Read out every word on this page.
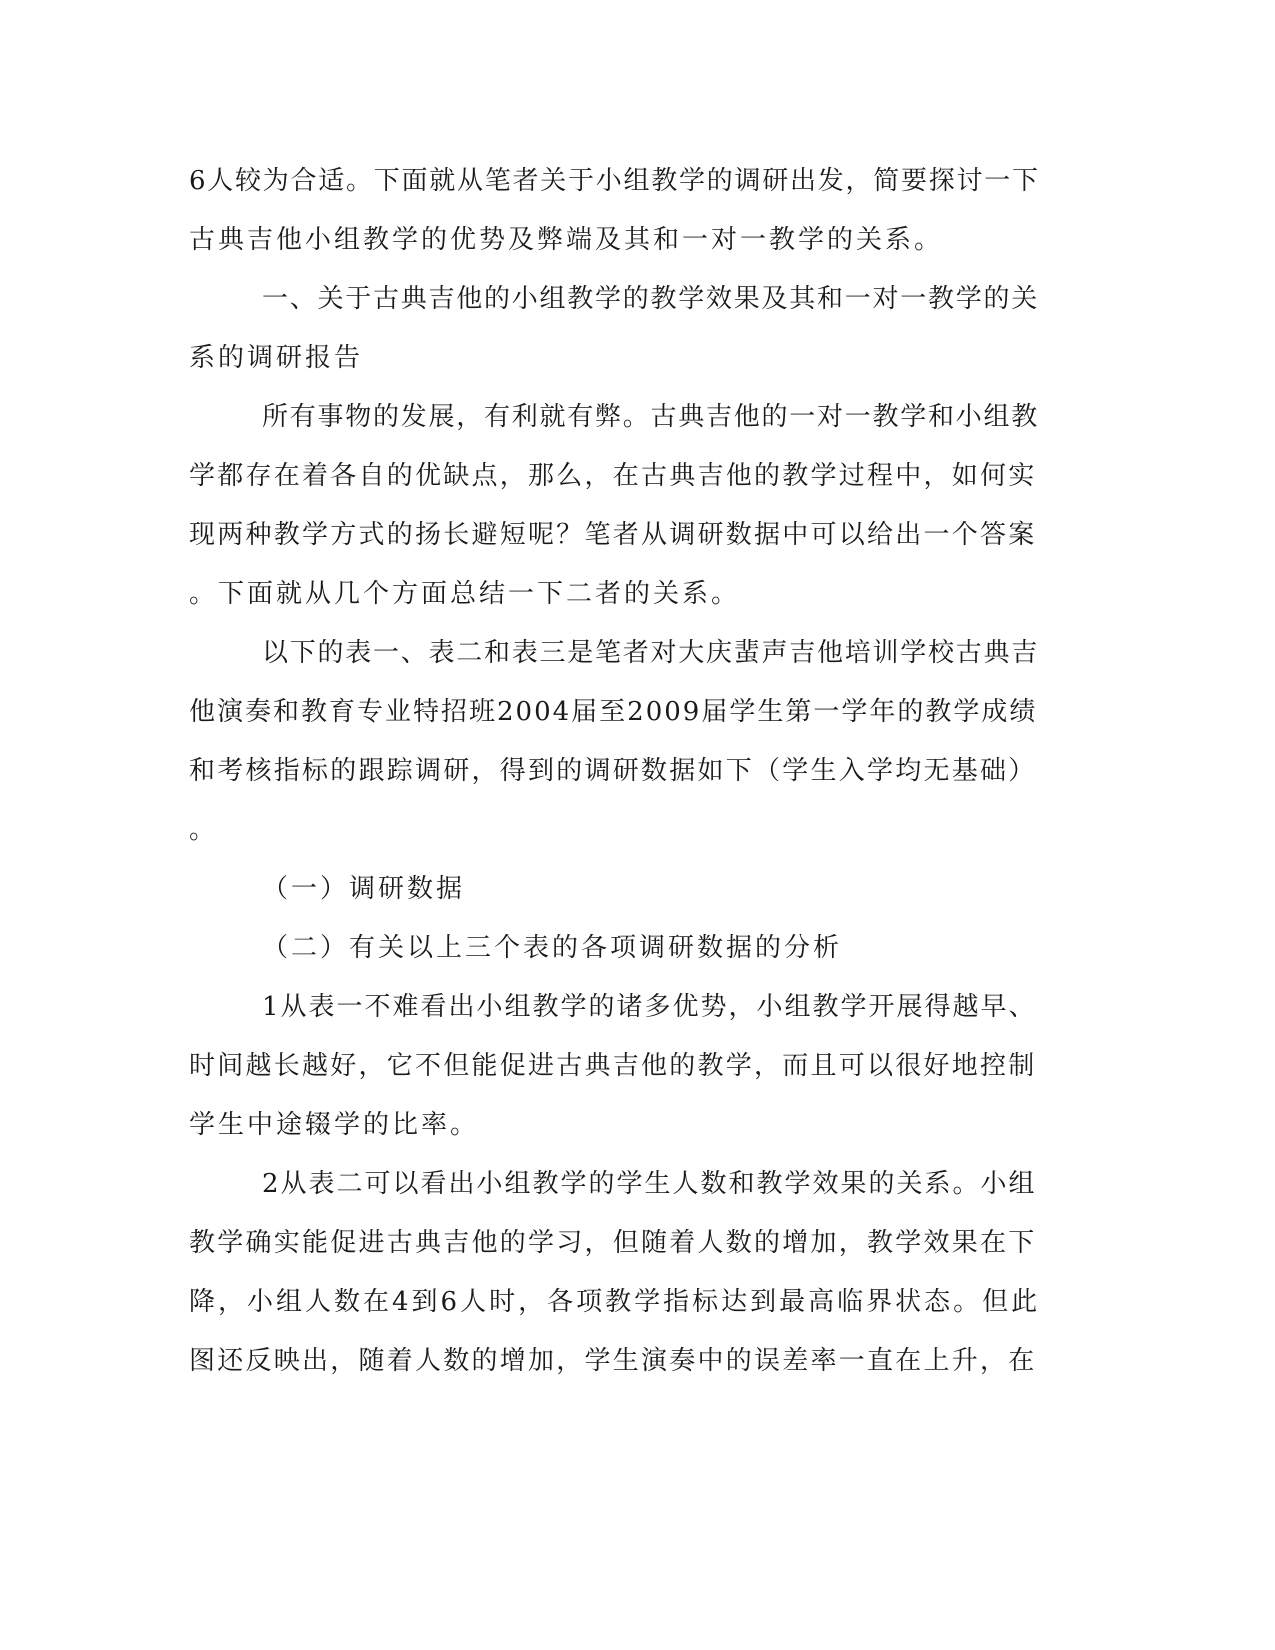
6人较为合适。下面就从笔者关于小组教学的调研出发，简要探讨一下
古典吉他小组教学的优势及弊端及其和一对一教学的关系。
一、关于古典吉他的小组教学的教学效果及其和一对一教学的关
系的调研报告
所有事物的发展，有利就有弊。古典吉他的一对一教学和小组教
学都存在着各自的优缺点，那么，在古典吉他的教学过程中，如何实
现两种教学方式的扬长避短呢？笔者从调研数据中可以给出一个答案
。下面就从几个方面总结一下二者的关系。
以下的表一、表二和表三是笔者对大庆蜚声吉他培训学校古典吉
他演奏和教育专业特招班2004届至2009届学生第一学年的教学成绩
和考核指标的跟踪调研，得到的调研数据如下（学生入学均无基础）
。
（一）调研数据
（二）有关以上三个表的各项调研数据的分析
1从表一不难看出小组教学的诸多优势，小组教学开展得越早、
时间越长越好，它不但能促进古典吉他的教学，而且可以很好地控制
学生中途辍学的比率。
2从表二可以看出小组教学的学生人数和教学效果的关系。小组
教学确实能促进古典吉他的学习，但随着人数的增加，教学效果在下
降，小组人数在4到6人时，各项教学指标达到最高临界状态。但此
图还反映出，随着人数的增加，学生演奏中的误差率一直在上升，在
